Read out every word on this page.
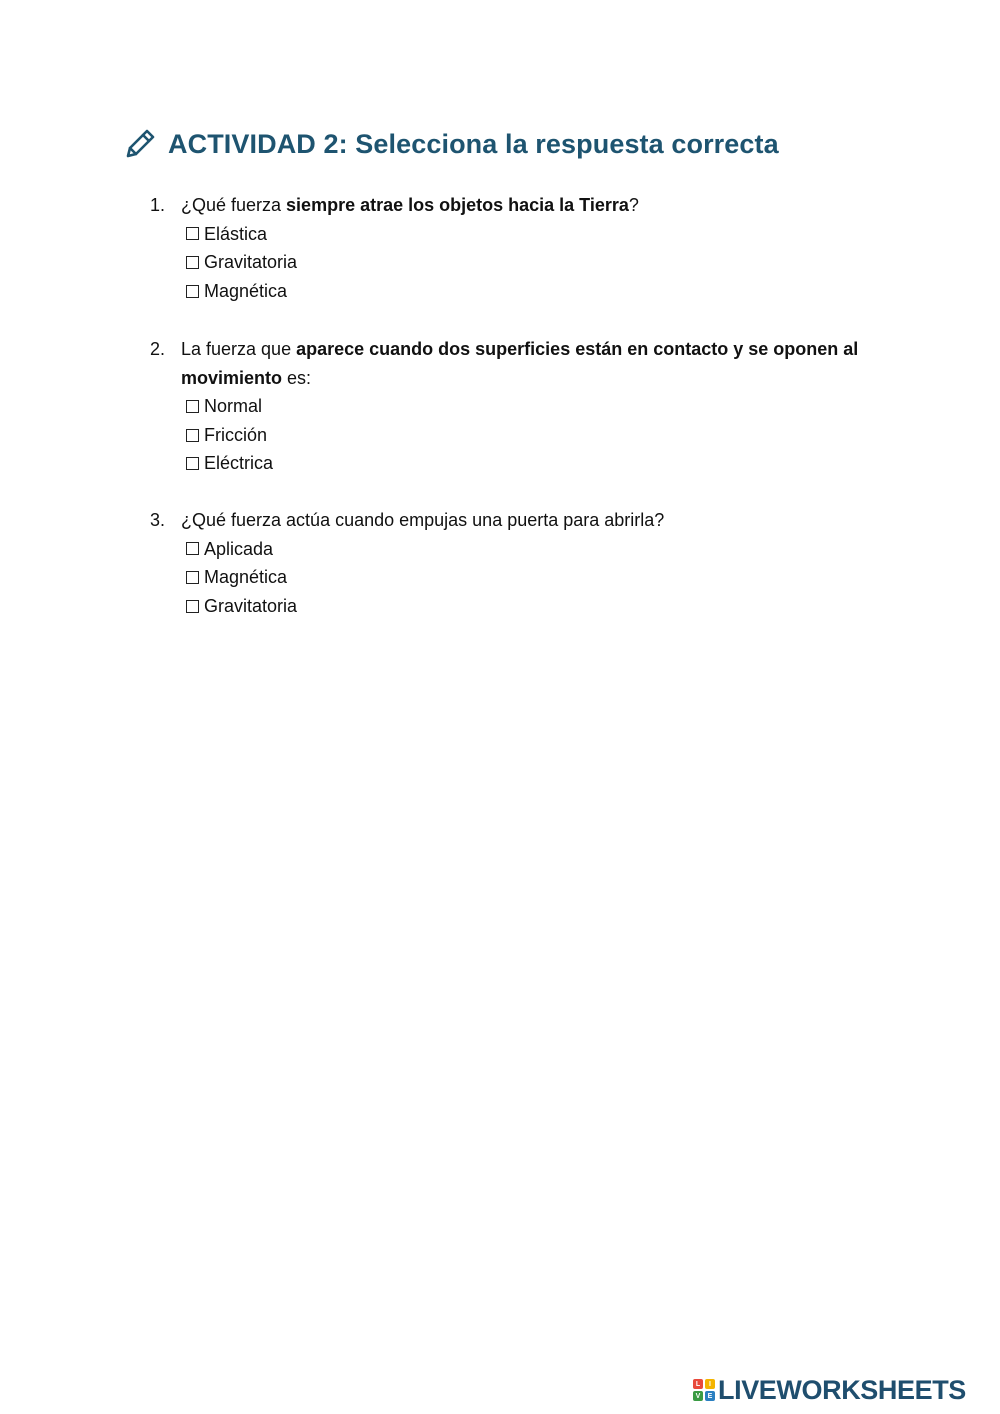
ACTIVIDAD 2: Selecciona la respuesta correcta
1. ¿Qué fuerza siempre atrae los objetos hacia la Tierra?
Elástica
Gravitatoria
Magnética
2. La fuerza que aparece cuando dos superficies están en contacto y se oponen al movimiento es:
Normal
Fricción
Eléctrica
3. ¿Qué fuerza actúa cuando empujas una puerta para abrirla?
Aplicada
Magnética
Gravitatoria
L	I
V	E LIVEWORKSHEETS
